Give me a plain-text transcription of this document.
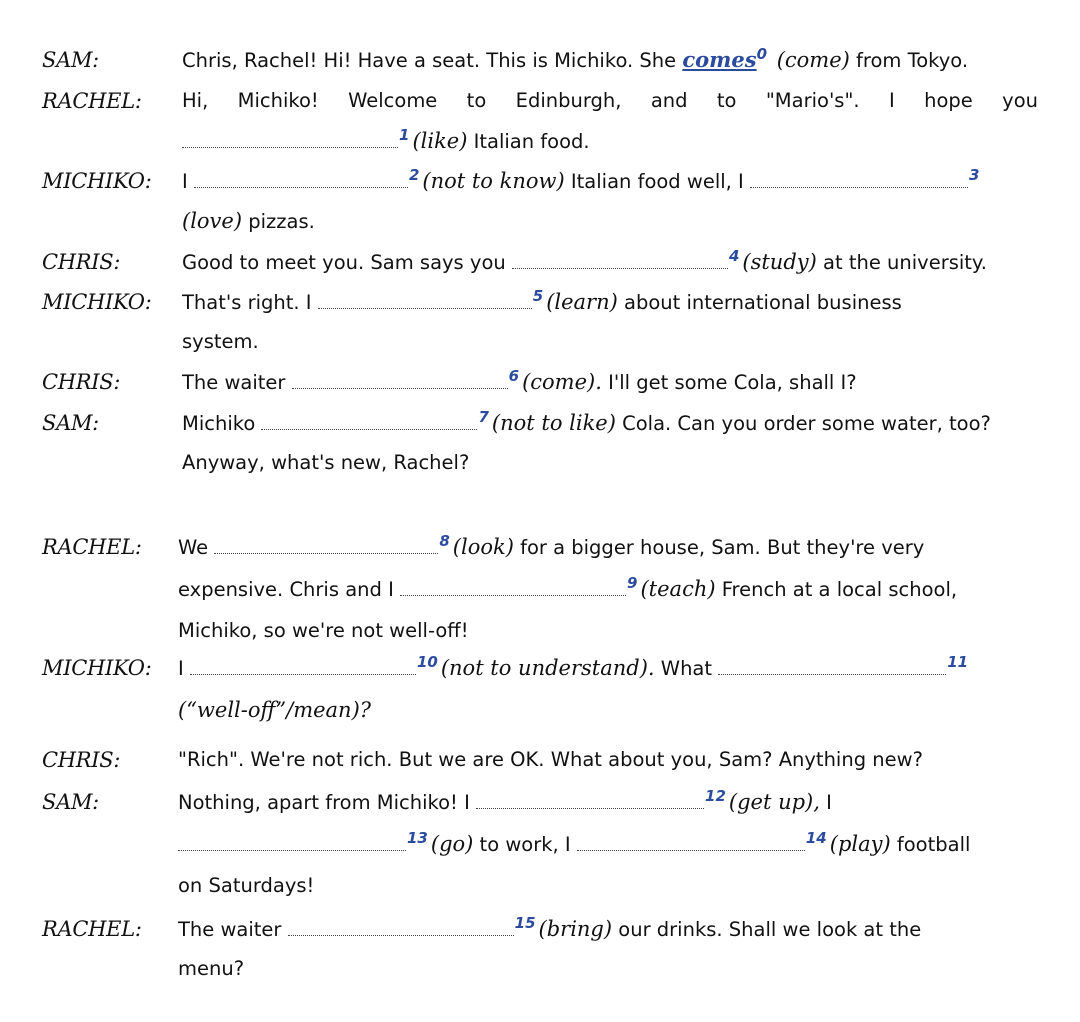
SAM:	Chris, Rachel! Hi! Have a seat. This is Michiko. She comes$^0$ (come) from Tokyo.
RACHEL: Hi, Michiko! Welcome to Edinburgh, and to "Mario's". I hope you
$^1$ (like) Italian food.
MICHIKO: I	$^2$ (not to know) Italian food well, I	$^3$
(love) pizzas.
CHRIS:	Good to meet you. Sam says you	$^4$ (study) at the university.
MICHIKO: That's right. I	$^5$ (learn) about international business
system.
CHRIS:	The waiter	$^6$ (come). I'll get some Cola, shall I?
SAM:	Michiko	$^7$ (not to like) Cola. Can you order some water, too?
Anyway, what's new, Rachel?
RACHEL: We	$^8$ (look) for a bigger house, Sam. But they're very
expensive. Chris and I	$^9$ (teach) French at a local school,
Michiko, so we're not well-off!
MICHIKO: I	$^{10}$ (not to understand). What	$^{11}$
(“well-off”/mean)?
CHRIS:	"Rich". We're not rich. But we are OK. What about you, Sam? Anything new?
SAM:	Nothing, apart from Michiko! I	$^{12}$ (get up), I
$^{13}$ (go) to work, I	$^{14}$ (play) football
on Saturdays!
RACHEL: The waiter	$^{15}$ (bring) our drinks. Shall we look at the
menu?
